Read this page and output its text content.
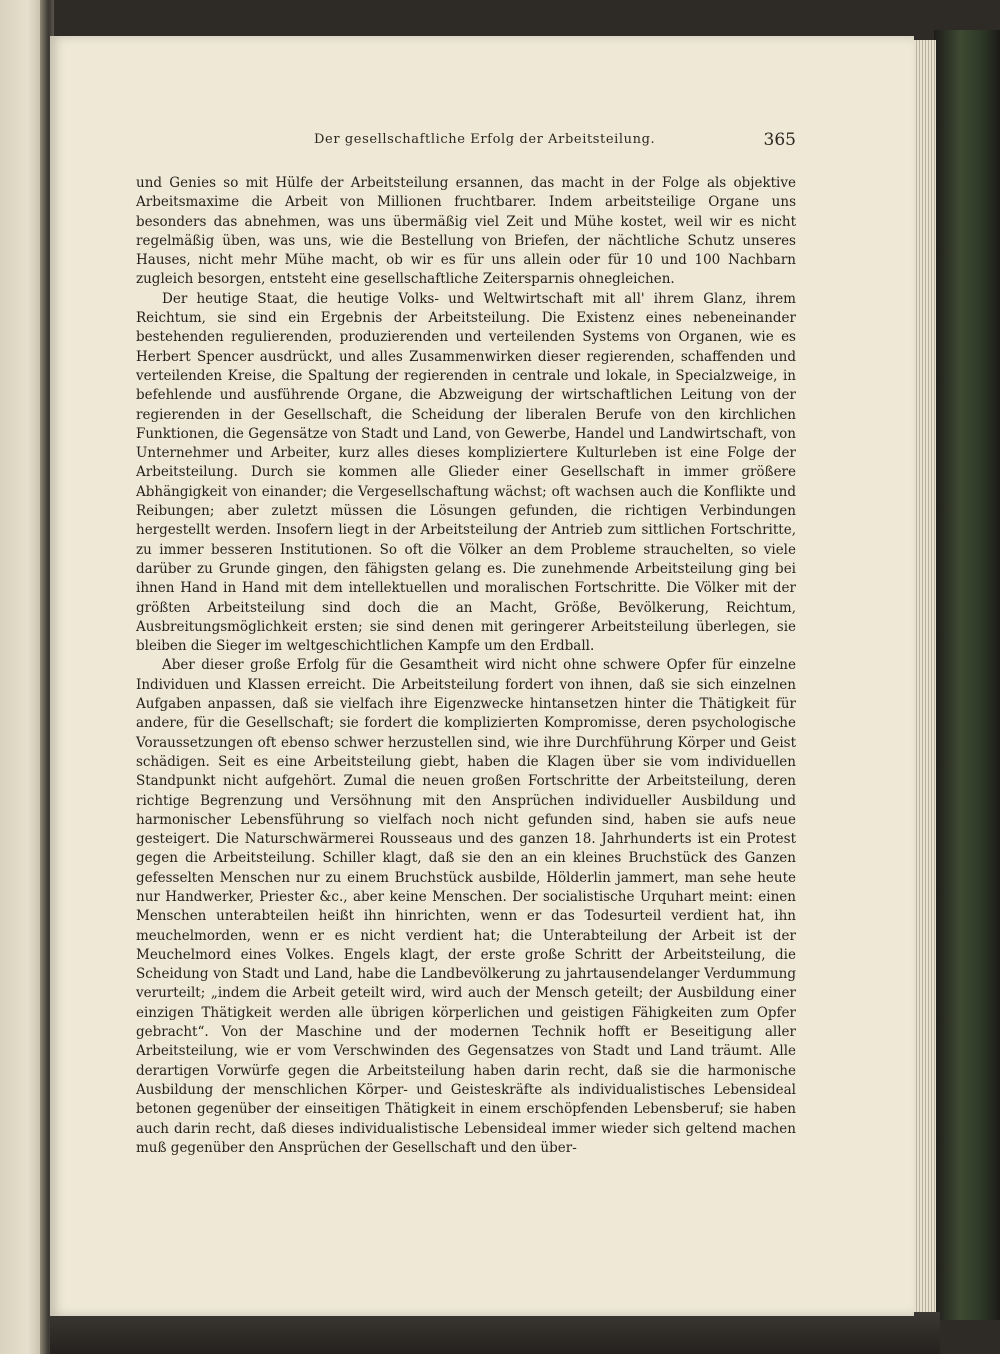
Der gesellschaftliche Erfolg der Arbeitsteilung.	365

und Genies so mit Hülfe der Arbeitsteilung ersannen, das macht in der Folge als objektive Arbeitsmaxime die Arbeit von Millionen fruchtbarer. Indem arbeitsteilige Organe uns besonders das abnehmen, was uns übermäßig viel Zeit und Mühe kostet, weil wir es nicht regelmäßig üben, was uns, wie die Bestellung von Briefen, der nächtliche Schutz unseres Hauses, nicht mehr Mühe macht, ob wir es für uns allein oder für 10 und 100 Nachbarn zugleich besorgen, entsteht eine gesellschaftliche Zeitersparnis ohnegleichen.

Der heutige Staat, die heutige Volks- und Weltwirtschaft mit all' ihrem Glanz, ihrem Reichtum, sie sind ein Ergebnis der Arbeitsteilung. Die Existenz eines nebeneinander bestehenden regulierenden, produzierenden und verteilenden Systems von Organen, wie es Herbert Spencer ausdrückt, und alles Zusammenwirken dieser regierenden, schaffenden und verteilenden Kreise, die Spaltung der regierenden in centrale und lokale, in Specialzweige, in befehlende und ausführende Organe, die Abzweigung der wirtschaftlichen Leitung von der regierenden in der Gesellschaft, die Scheidung der liberalen Berufe von den kirchlichen Funktionen, die Gegensätze von Stadt und Land, von Gewerbe, Handel und Landwirtschaft, von Unternehmer und Arbeiter, kurz alles dieses kompliziertere Kulturleben ist eine Folge der Arbeitsteilung. Durch sie kommen alle Glieder einer Gesellschaft in immer größere Abhängigkeit von einander; die Vergesellschaftung wächst; oft wachsen auch die Konflikte und Reibungen; aber zuletzt müssen die Lösungen gefunden, die richtigen Verbindungen hergestellt werden. Insofern liegt in der Arbeitsteilung der Antrieb zum sittlichen Fortschritte, zu immer besseren Institutionen. So oft die Völker an dem Probleme strauchelten, so viele darüber zu Grunde gingen, den fähigsten gelang es. Die zunehmende Arbeitsteilung ging bei ihnen Hand in Hand mit dem intellektuellen und moralischen Fortschritte. Die Völker mit der größten Arbeitsteilung sind doch die an Macht, Größe, Bevölkerung, Reichtum, Ausbreitungsmöglichkeit ersten; sie sind denen mit geringerer Arbeitsteilung überlegen, sie bleiben die Sieger im weltgeschichtlichen Kampfe um den Erdball.

Aber dieser große Erfolg für die Gesamtheit wird nicht ohne schwere Opfer für einzelne Individuen und Klassen erreicht. Die Arbeitsteilung fordert von ihnen, daß sie sich einzelnen Aufgaben anpassen, daß sie vielfach ihre Eigenzwecke hintansetzen hinter die Thätigkeit für andere, für die Gesellschaft; sie fordert die komplizierten Kompromisse, deren psychologische Voraussetzungen oft ebenso schwer herzustellen sind, wie ihre Durchführung Körper und Geist schädigen. Seit es eine Arbeitsteilung giebt, haben die Klagen über sie vom individuellen Standpunkt nicht aufgehört. Zumal die neuen großen Fortschritte der Arbeitsteilung, deren richtige Begrenzung und Versöhnung mit den Ansprüchen individueller Ausbildung und harmonischer Lebensführung so vielfach noch nicht gefunden sind, haben sie aufs neue gesteigert. Die Naturschwärmerei Rousseaus und des ganzen 18. Jahrhunderts ist ein Protest gegen die Arbeitsteilung. Schiller klagt, daß sie den an ein kleines Bruchstück des Ganzen gefesselten Menschen nur zu einem Bruchstück ausbilde, Hölderlin jammert, man sehe heute nur Handwerker, Priester &c., aber keine Menschen. Der socialistische Urquhart meint: einen Menschen unterabteilen heißt ihn hinrichten, wenn er das Todesurteil verdient hat, ihn meuchelmorden, wenn er es nicht verdient hat; die Unterabteilung der Arbeit ist der Meuchelmord eines Volkes. Engels klagt, der erste große Schritt der Arbeitsteilung, die Scheidung von Stadt und Land, habe die Landbevölkerung zu jahrtausendelanger Verdummung verurteilt; „indem die Arbeit geteilt wird, wird auch der Mensch geteilt; der Ausbildung einer einzigen Thätigkeit werden alle übrigen körperlichen und geistigen Fähigkeiten zum Opfer gebracht“. Von der Maschine und der modernen Technik hofft er Beseitigung aller Arbeitsteilung, wie er vom Verschwinden des Gegensatzes von Stadt und Land träumt. Alle derartigen Vorwürfe gegen die Arbeitsteilung haben darin recht, daß sie die harmonische Ausbildung der menschlichen Körper- und Geisteskräfte als individualistisches Lebensideal betonen gegenüber der einseitigen Thätigkeit in einem erschöpfenden Lebensberuf; sie haben auch darin recht, daß dieses individualistische Lebensideal immer wieder sich geltend machen muß gegenüber den Ansprüchen der Gesellschaft und den über-
